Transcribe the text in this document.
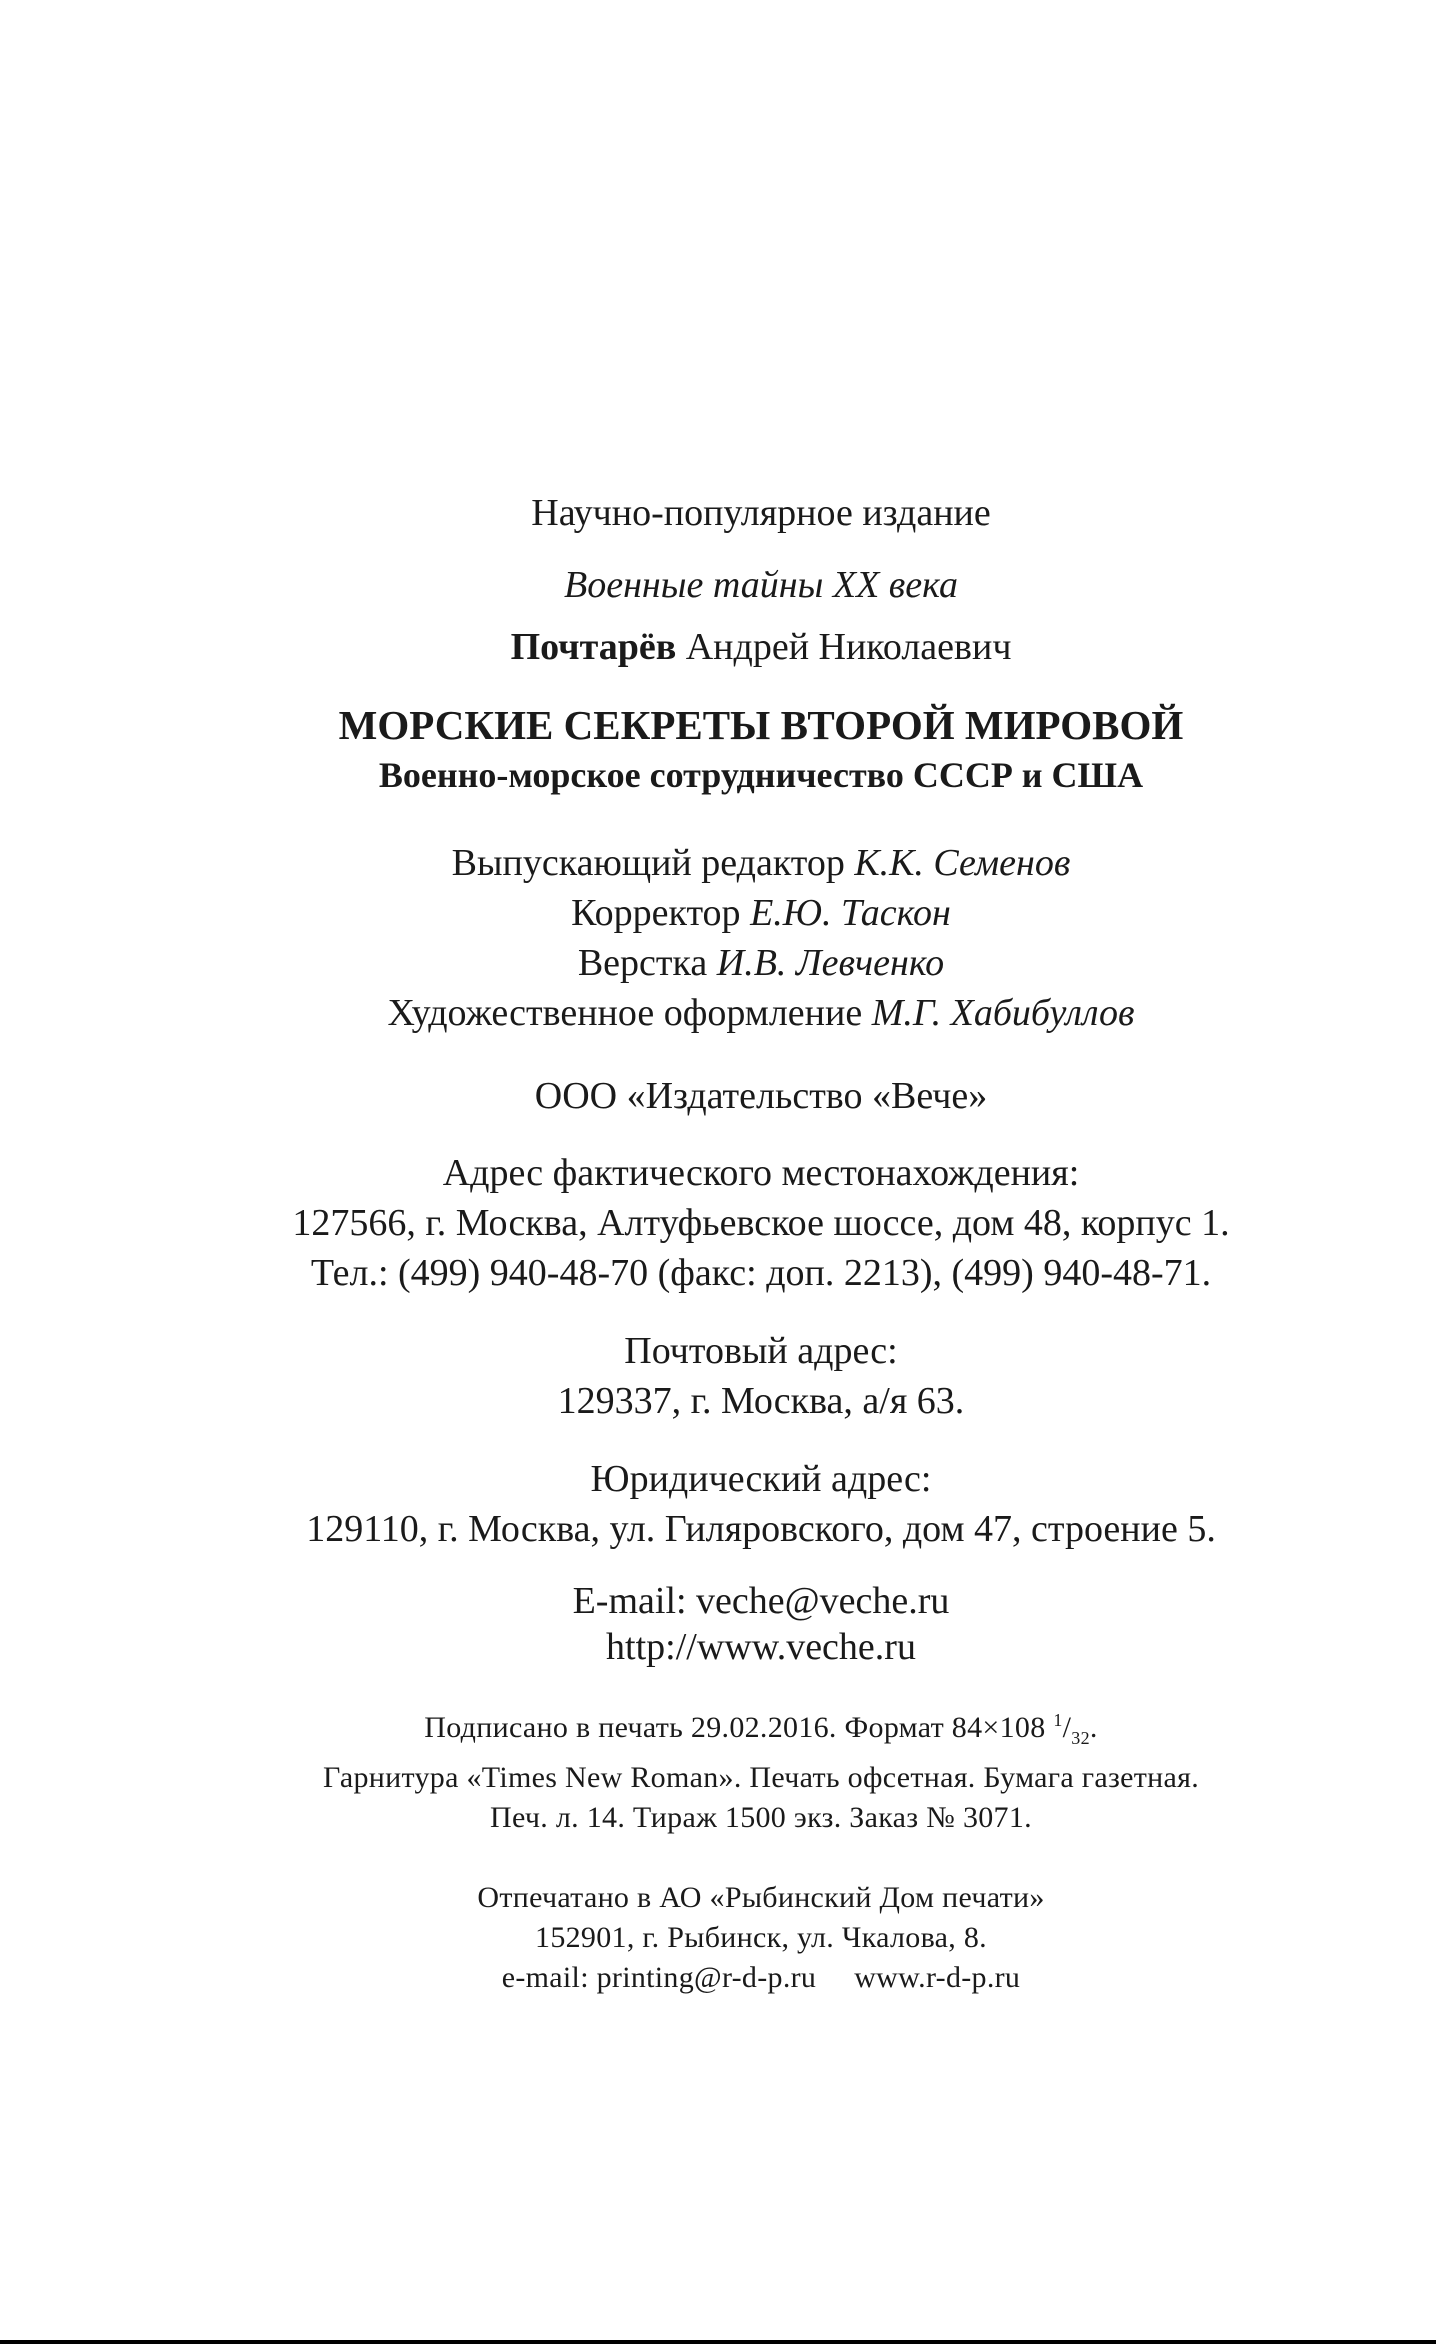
Научно-популярное издание
Военные тайны XX века
Почтарёв Андрей Николаевич
МОРСКИЕ СЕКРЕТЫ ВТОРОЙ МИРОВОЙ
Военно-морское сотрудничество СССР и США
Выпускающий редактор К.К. Семенов
Корректор Е.Ю. Таскон
Верстка И.В. Левченко
Художественное оформление М.Г. Хабибуллов
ООО «Издательство «Вече»
Адрес фактического местонахождения:
127566, г. Москва, Алтуфьевское шоссе, дом 48, корпус 1.
Тел.: (499) 940-48-70 (факс: доп. 2213), (499) 940-48-71.
Почтовый адрес:
129337, г. Москва, а/я 63.
Юридический адрес:
129110, г. Москва, ул. Гиляровского, дом 47, строение 5.
E-mail: veche@veche.ru
http://www.veche.ru
Подписано в печать 29.02.2016. Формат 84×108 $^1/_{32}$.
Гарнитура «Times New Roman». Печать офсетная. Бумага газетная.
Печ. л. 14. Тираж 1500 экз. Заказ № 3071.
Отпечатано в АО «Рыбинский Дом печати»
152901, г. Рыбинск, ул. Чкалова, 8.
e-mail: printing@r-d-p.ru www.r-d-p.ru
